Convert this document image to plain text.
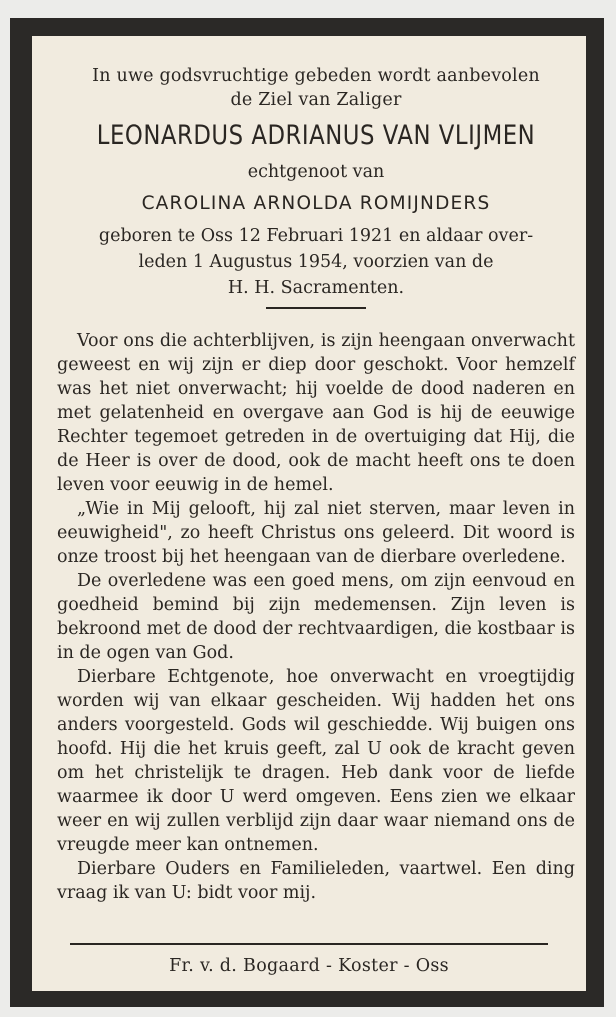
In uwe godsvruchtige gebeden wordt aanbevolen
de Ziel van Zaliger
LEONARDUS ADRIANUS VAN VLIJMEN
echtgenoot van
CAROLINA ARNOLDA ROMIJNDERS
geboren te Oss 12 Februari 1921 en aldaar over-
leden 1 Augustus 1954, voorzien van de
H. H. Sacramenten.

Voor ons die achterblijven, is zijn heengaan onverwacht geweest en wij zijn er diep door geschokt. Voor hemzelf was het niet onverwacht; hij voelde de dood naderen en met gelatenheid en overgave aan God is hij de eeuwige Rechter tegemoet getreden in de overtuiging dat Hij, die de Heer is over de dood, ook de macht heeft ons te doen leven voor eeuwig in de hemel.

„Wie in Mij gelooft, hij zal niet sterven, maar leven in eeuwigheid", zo heeft Christus ons geleerd. Dit woord is onze troost bij het heengaan van de dierbare overledene.

De overledene was een goed mens, om zijn eenvoud en goedheid bemind bij zijn medemensen. Zijn leven is bekroond met de dood der rechtvaardigen, die kostbaar is in de ogen van God.

Dierbare Echtgenote, hoe onverwacht en vroegtijdig worden wij van elkaar gescheiden. Wij hadden het ons anders voorgesteld. Gods wil geschiedde. Wij buigen ons hoofd. Hij die het kruis geeft, zal U ook de kracht geven om het christelijk te dragen. Heb dank voor de liefde waarmee ik door U werd omgeven. Eens zien we elkaar weer en wij zullen verblijd zijn daar waar niemand ons de vreugde meer kan ontnemen.

Dierbare Ouders en Familieleden, vaartwel. Een ding vraag ik van U: bidt voor mij.

Fr. v. d. Bogaard - Koster - Oss
